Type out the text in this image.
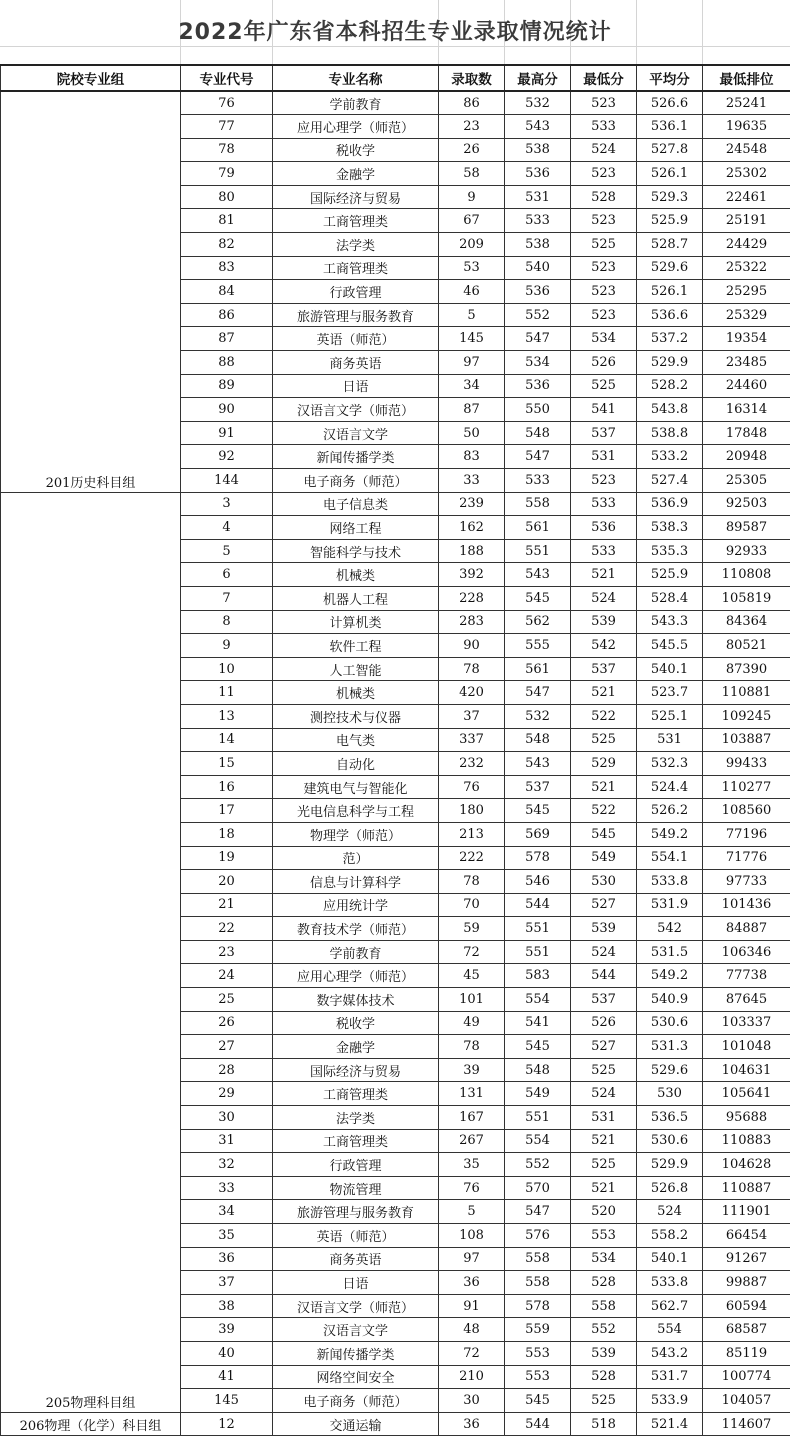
2022年广东省本科招生专业录取情况统计
院校专业组	专业代号	专业名称	录取数	最高分	最低分	平均分	最低排位
201历史科目组	76	学前教育	86	532	523	526.6	25241
	77	应用心理学（师范）	23	543	533	536.1	19635
	78	税收学	26	538	524	527.8	24548
	79	金融学	58	536	523	526.1	25302
	80	国际经济与贸易	9	531	528	529.3	22461
	81	工商管理类	67	533	523	525.9	25191
	82	法学类	209	538	525	528.7	24429
	83	工商管理类	53	540	523	529.6	25322
	84	行政管理	46	536	523	526.1	25295
	86	旅游管理与服务教育	5	552	523	536.6	25329
	87	英语（师范）	145	547	534	537.2	19354
	88	商务英语	97	534	526	529.9	23485
	89	日语	34	536	525	528.2	24460
	90	汉语言文学（师范）	87	550	541	543.8	16314
	91	汉语言文学	50	548	537	538.8	17848
	92	新闻传播学类	83	547	531	533.2	20948
	144	电子商务（师范）	33	533	523	527.4	25305
205物理科目组	3	电子信息类	239	558	533	536.9	92503
	4	网络工程	162	561	536	538.3	89587
	5	智能科学与技术	188	551	533	535.3	92933
	6	机械类	392	543	521	525.9	110808
	7	机器人工程	228	545	524	528.4	105819
	8	计算机类	283	562	539	543.3	84364
	9	软件工程	90	555	542	545.5	80521
	10	人工智能	78	561	537	540.1	87390
	11	机械类	420	547	521	523.7	110881
	13	测控技术与仪器	37	532	522	525.1	109245
	14	电气类	337	548	525	531	103887
	15	自动化	232	543	529	532.3	99433
	16	建筑电气与智能化	76	537	521	524.4	110277
	17	光电信息科学与工程	180	545	522	526.2	108560
	18	物理学（师范）	213	569	545	549.2	77196
	19	范）	222	578	549	554.1	71776
	20	信息与计算科学	78	546	530	533.8	97733
	21	应用统计学	70	544	527	531.9	101436
	22	教育技术学（师范）	59	551	539	542	84887
	23	学前教育	72	551	524	531.5	106346
	24	应用心理学（师范）	45	583	544	549.2	77738
	25	数字媒体技术	101	554	537	540.9	87645
	26	税收学	49	541	526	530.6	103337
	27	金融学	78	545	527	531.3	101048
	28	国际经济与贸易	39	548	525	529.6	104631
	29	工商管理类	131	549	524	530	105641
	30	法学类	167	551	531	536.5	95688
	31	工商管理类	267	554	521	530.6	110883
	32	行政管理	35	552	525	529.9	104628
	33	物流管理	76	570	521	526.8	110887
	34	旅游管理与服务教育	5	547	520	524	111901
	35	英语（师范）	108	576	553	558.2	66454
	36	商务英语	97	558	534	540.1	91267
	37	日语	36	558	528	533.8	99887
	38	汉语言文学（师范）	91	578	558	562.7	60594
	39	汉语言文学	48	559	552	554	68587
	40	新闻传播学类	72	553	539	543.2	85119
	41	网络空间安全	210	553	528	531.7	100774
	145	电子商务（师范）	30	545	525	533.9	104057
206物理（化学）科目组	12	交通运输	36	544	518	521.4	114607
